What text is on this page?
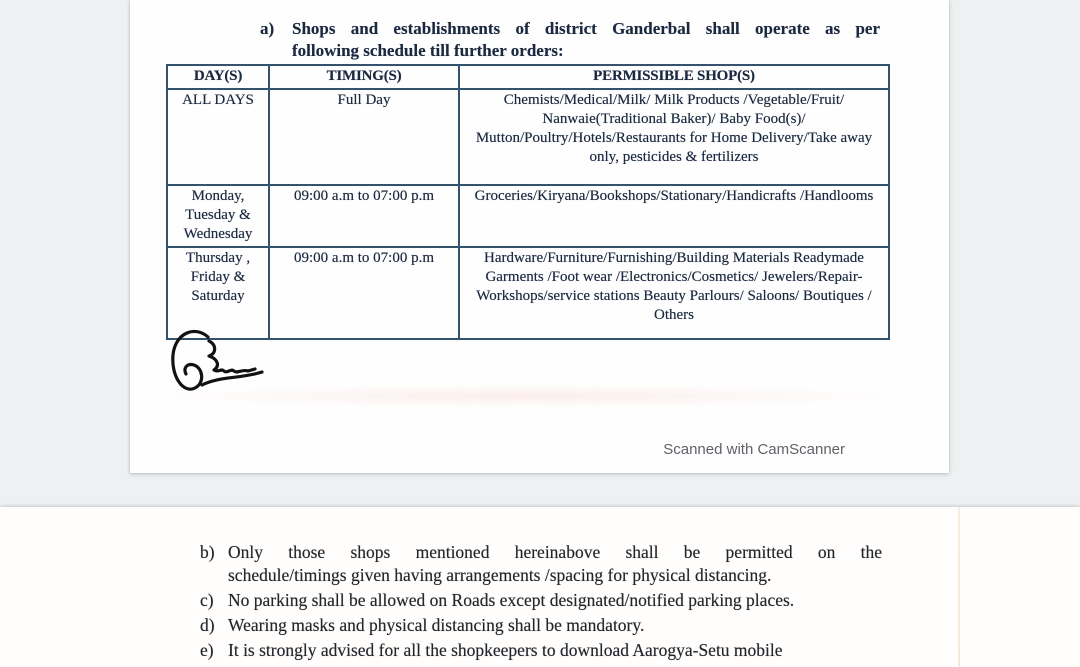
a)	Shops and establishments of district Ganderbal shall operate as per
following schedule till further orders:
DAY(S)	TIMING(S)	PERMISSIBLE SHOP(S)
ALL DAYS	Full Day	Chemists/Medical/Milk/ Milk Products /Vegetable/Fruit/ Nanwaie(Traditional Baker)/ Baby Food(s)/ Mutton/Poultry/Hotels/Restaurants for Home Delivery/Take away only, pesticides & fertilizers
Monday, Tuesday & Wednesday	09:00 a.m to 07:00 p.m	Groceries/Kiryana/Bookshops/Stationary/Handicrafts /Handlooms
Thursday , Friday & Saturday	09:00 a.m to 07:00 p.m	Hardware/Furniture/Furnishing/Building Materials Readymade Garments /Foot wear /Electronics/Cosmetics/ Jewelers/Repair-Workshops/service stations Beauty Parlours/ Saloons/ Boutiques / Others
Scanned with CamScanner
b) Only those shops mentioned hereinabove shall be permitted on the
schedule/timings given having arrangements /spacing for physical distancing.
c) No parking shall be allowed on Roads except designated/notified parking places.
d) Wearing masks and physical distancing shall be mandatory.
e) It is strongly advised for all the shopkeepers to download Aarogya-Setu mobile
